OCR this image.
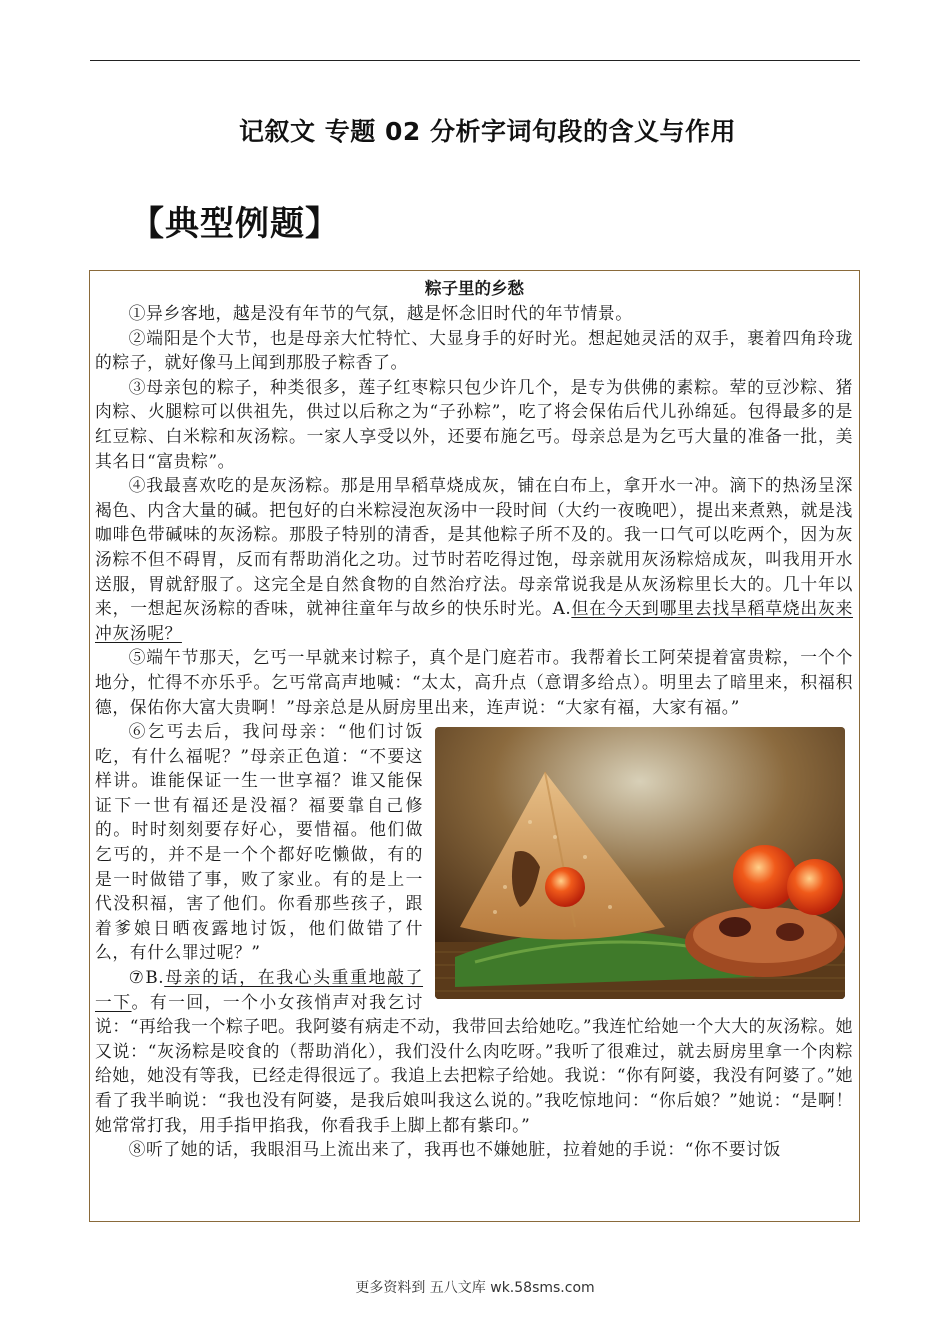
记叙文 专题 02 分析字词句段的含义与作用
【典型例题】
粽子里的乡愁

①异乡客地，越是没有年节的气氛，越是怀念旧时代的年节情景。

②端阳是个大节，也是母亲大忙特忙、大显身手的好时光。想起她灵活的双手，裹着四角玲珑的粽子，就好像马上闻到那股子粽香了。

③母亲包的粽子，种类很多，莲子红枣粽只包少许几个，是专为供佛的素粽。荤的豆沙粽、猪肉粽、火腿粽可以供祖先，供过以后称之为“子孙粽”，吃了将会保佑后代儿孙绵延。包得最多的是红豆粽、白米粽和灰汤粽。一家人享受以外，还要布施乞丐。母亲总是为乞丐大量的准备一批，美其名日“富贵粽”。

④我最喜欢吃的是灰汤粽。那是用旱稻草烧成灰，铺在白布上，拿开水一冲。滴下的热汤呈深褐色、内含大量的碱。把包好的白米粽浸泡灰汤中一段时间（大约一夜晚吧），提出来煮熟，就是浅咖啡色带碱味的灰汤粽。那股子特别的清香，是其他粽子所不及的。我一口气可以吃两个，因为灰汤粽不但不碍胃，反而有帮助消化之功。过节时若吃得过饱，母亲就用灰汤粽焙成灰，叫我用开水送服，胃就舒服了。这完全是自然食物的自然治疗法。母亲常说我是从灰汤粽里长大的。几十年以来，一想起灰汤粽的香味，就神往童年与故乡的快乐时光。A.但在今天到哪里去找旱稻草烧出灰来冲灰汤呢？

⑤端午节那天，乞丐一早就来讨粽子，真个是门庭若市。我帮着长工阿荣提着富贵粽，一个个地分，忙得不亦乐乎。乞丐常高声地喊：“太太，高升点（意谓多给点）。明里去了暗里来，积福积德，保佑你大富大贵啊！”母亲总是从厨房里出来，连声说：“大家有福，大家有福。”

⑥乞丐去后，我问母亲：“他们讨饭吃，有什么福呢？”母亲正色道：“不要这样讲。谁能保证一生一世享福？谁又能保证下一世有福还是没福？福要靠自己修的。时时刻刻要存好心，要惜福。他们做乞丐的，并不是一个个都好吃懒做，有的是一时做错了事，败了家业。有的是上一代没积福，害了他们。你看那些孩子，跟着爹娘日晒夜露地讨饭，他们做错了什么，有什么罪过呢？”

⑦B.母亲的话，在我心头重重地敲了一下。有一回，一个小女孩悄声对我乞讨说：“再给我一个粽子吧。我阿婆有病走不动，我带回去给她吃。”我连忙给她一个大大的灰汤粽。她又说：“灰汤粽是咬食的（帮助消化），我们没什么肉吃呀。”我听了很难过，就去厨房里拿一个肉粽给她，她没有等我，已经走得很远了。我追上去把粽子给她。我说：“你有阿婆，我没有阿婆了。”她看了我半晌说：“我也没有阿婆，是我后娘叫我这么说的。”我吃惊地问：“你后娘？”她说：“是啊！她常常打我，用手指甲掐我，你看我手上脚上都有紫印。”

⑧听了她的话，我眼泪马上流出来了，我再也不嫌她脏，拉着她的手说：“你不要讨饭

更多资料到 五八文库 wk.58sms.com
